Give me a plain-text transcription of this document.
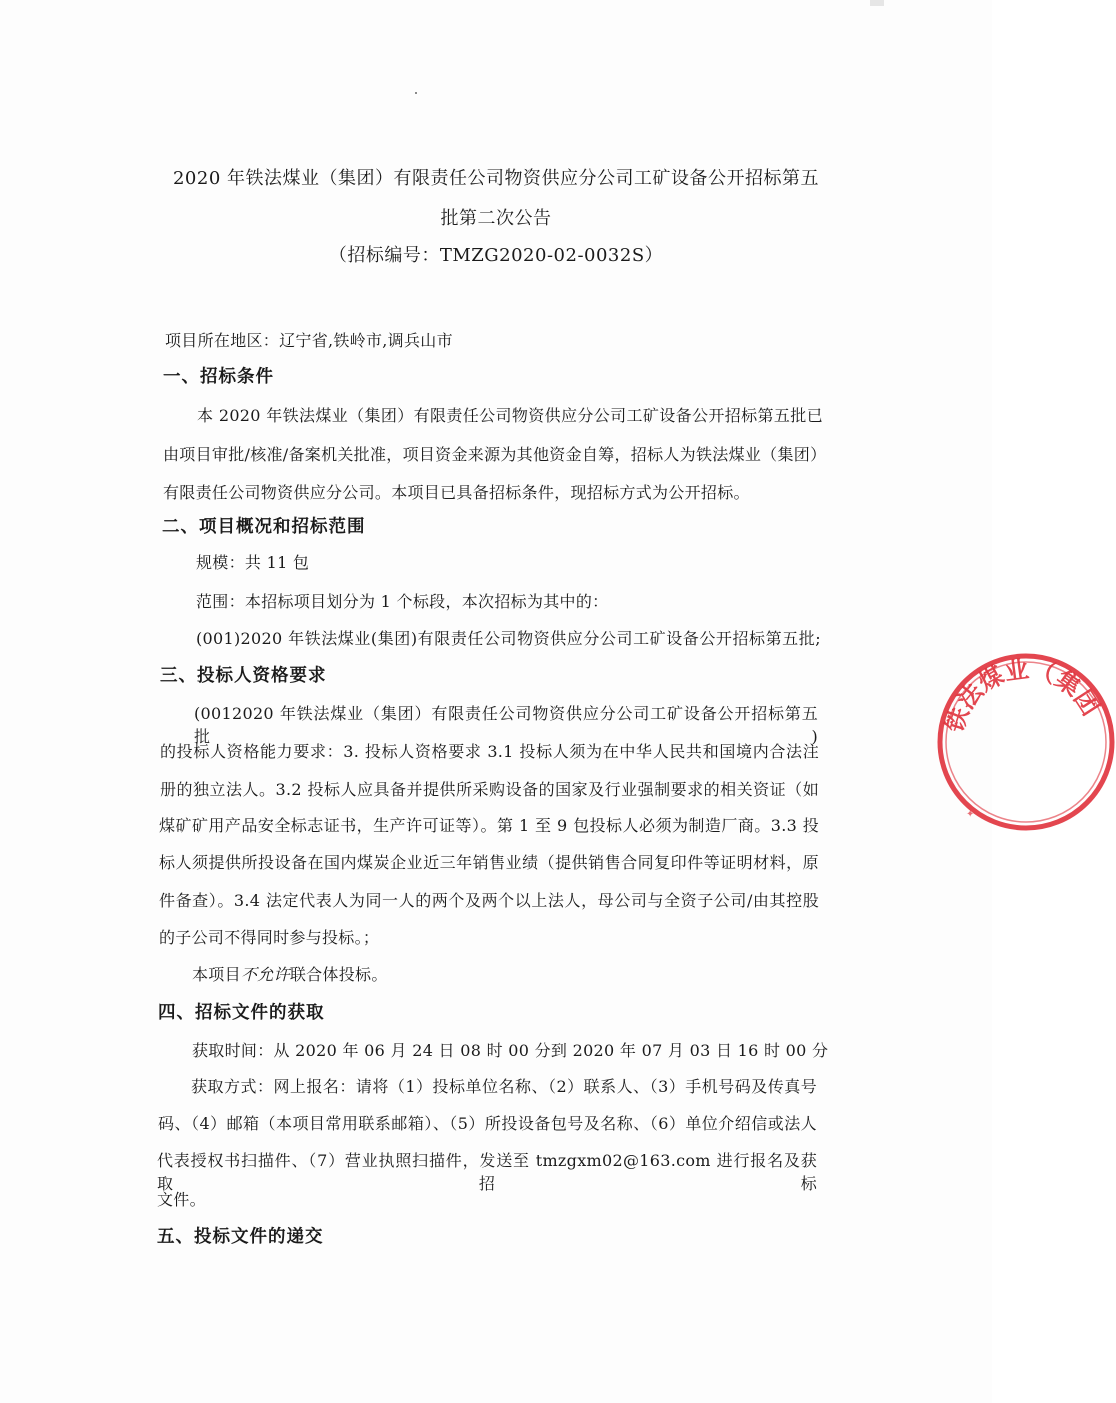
2020 年铁法煤业（集团）有限责任公司物资供应分公司工矿设备公开招标第五
批第二次公告
（招标编号：TMZG2020-02-0032S）
项目所在地区：辽宁省,铁岭市,调兵山市
一、招标条件
本 2020 年铁法煤业（集团）有限责任公司物资供应分公司工矿设备公开招标第五批已
由项目审批/核准/备案机关批准，项目资金来源为其他资金自筹，招标人为铁法煤业（集团）
有限责任公司物资供应分公司。本项目已具备招标条件，现招标方式为公开招标。
二、项目概况和招标范围
规模：共 11 包
范围：本招标项目划分为 1 个标段，本次招标为其中的：
(001)2020 年铁法煤业(集团)有限责任公司物资供应分公司工矿设备公开招标第五批;
三、投标人资格要求
(0012020 年铁法煤业（集团）有限责任公司物资供应分公司工矿设备公开招标第五批)
的投标人资格能力要求：3. 投标人资格要求 3.1 投标人须为在中华人民共和国境内合法注
册的独立法人。3.2 投标人应具备并提供所采购设备的国家及行业强制要求的相关资证（如
煤矿矿用产品安全标志证书，生产许可证等）。第 1 至 9 包投标人必须为制造厂商。3.3 投
标人须提供所投设备在国内煤炭企业近三年销售业绩（提供销售合同复印件等证明材料，原
件备查）。3.4 法定代表人为同一人的两个及两个以上法人，母公司与全资子公司/由其控股
的子公司不得同时参与投标。；
本项目不允许联合体投标。
四、招标文件的获取
获取时间：从 2020 年 06 月 24 日 08 时 00 分到 2020 年 07 月 03 日 16 时 00 分
获取方式：网上报名：请将（1）投标单位名称、（2）联系人、（3）手机号码及传真号
码、（4）邮箱（本项目常用联系邮箱）、（5）所投设备包号及名称、（6）单位介绍信或法人
代表授权书扫描件、（7）营业执照扫描件，发送至 tmzgxm02@163.com 进行报名及获取招标
文件。
五、投标文件的递交
铁法煤业（集团
✦
